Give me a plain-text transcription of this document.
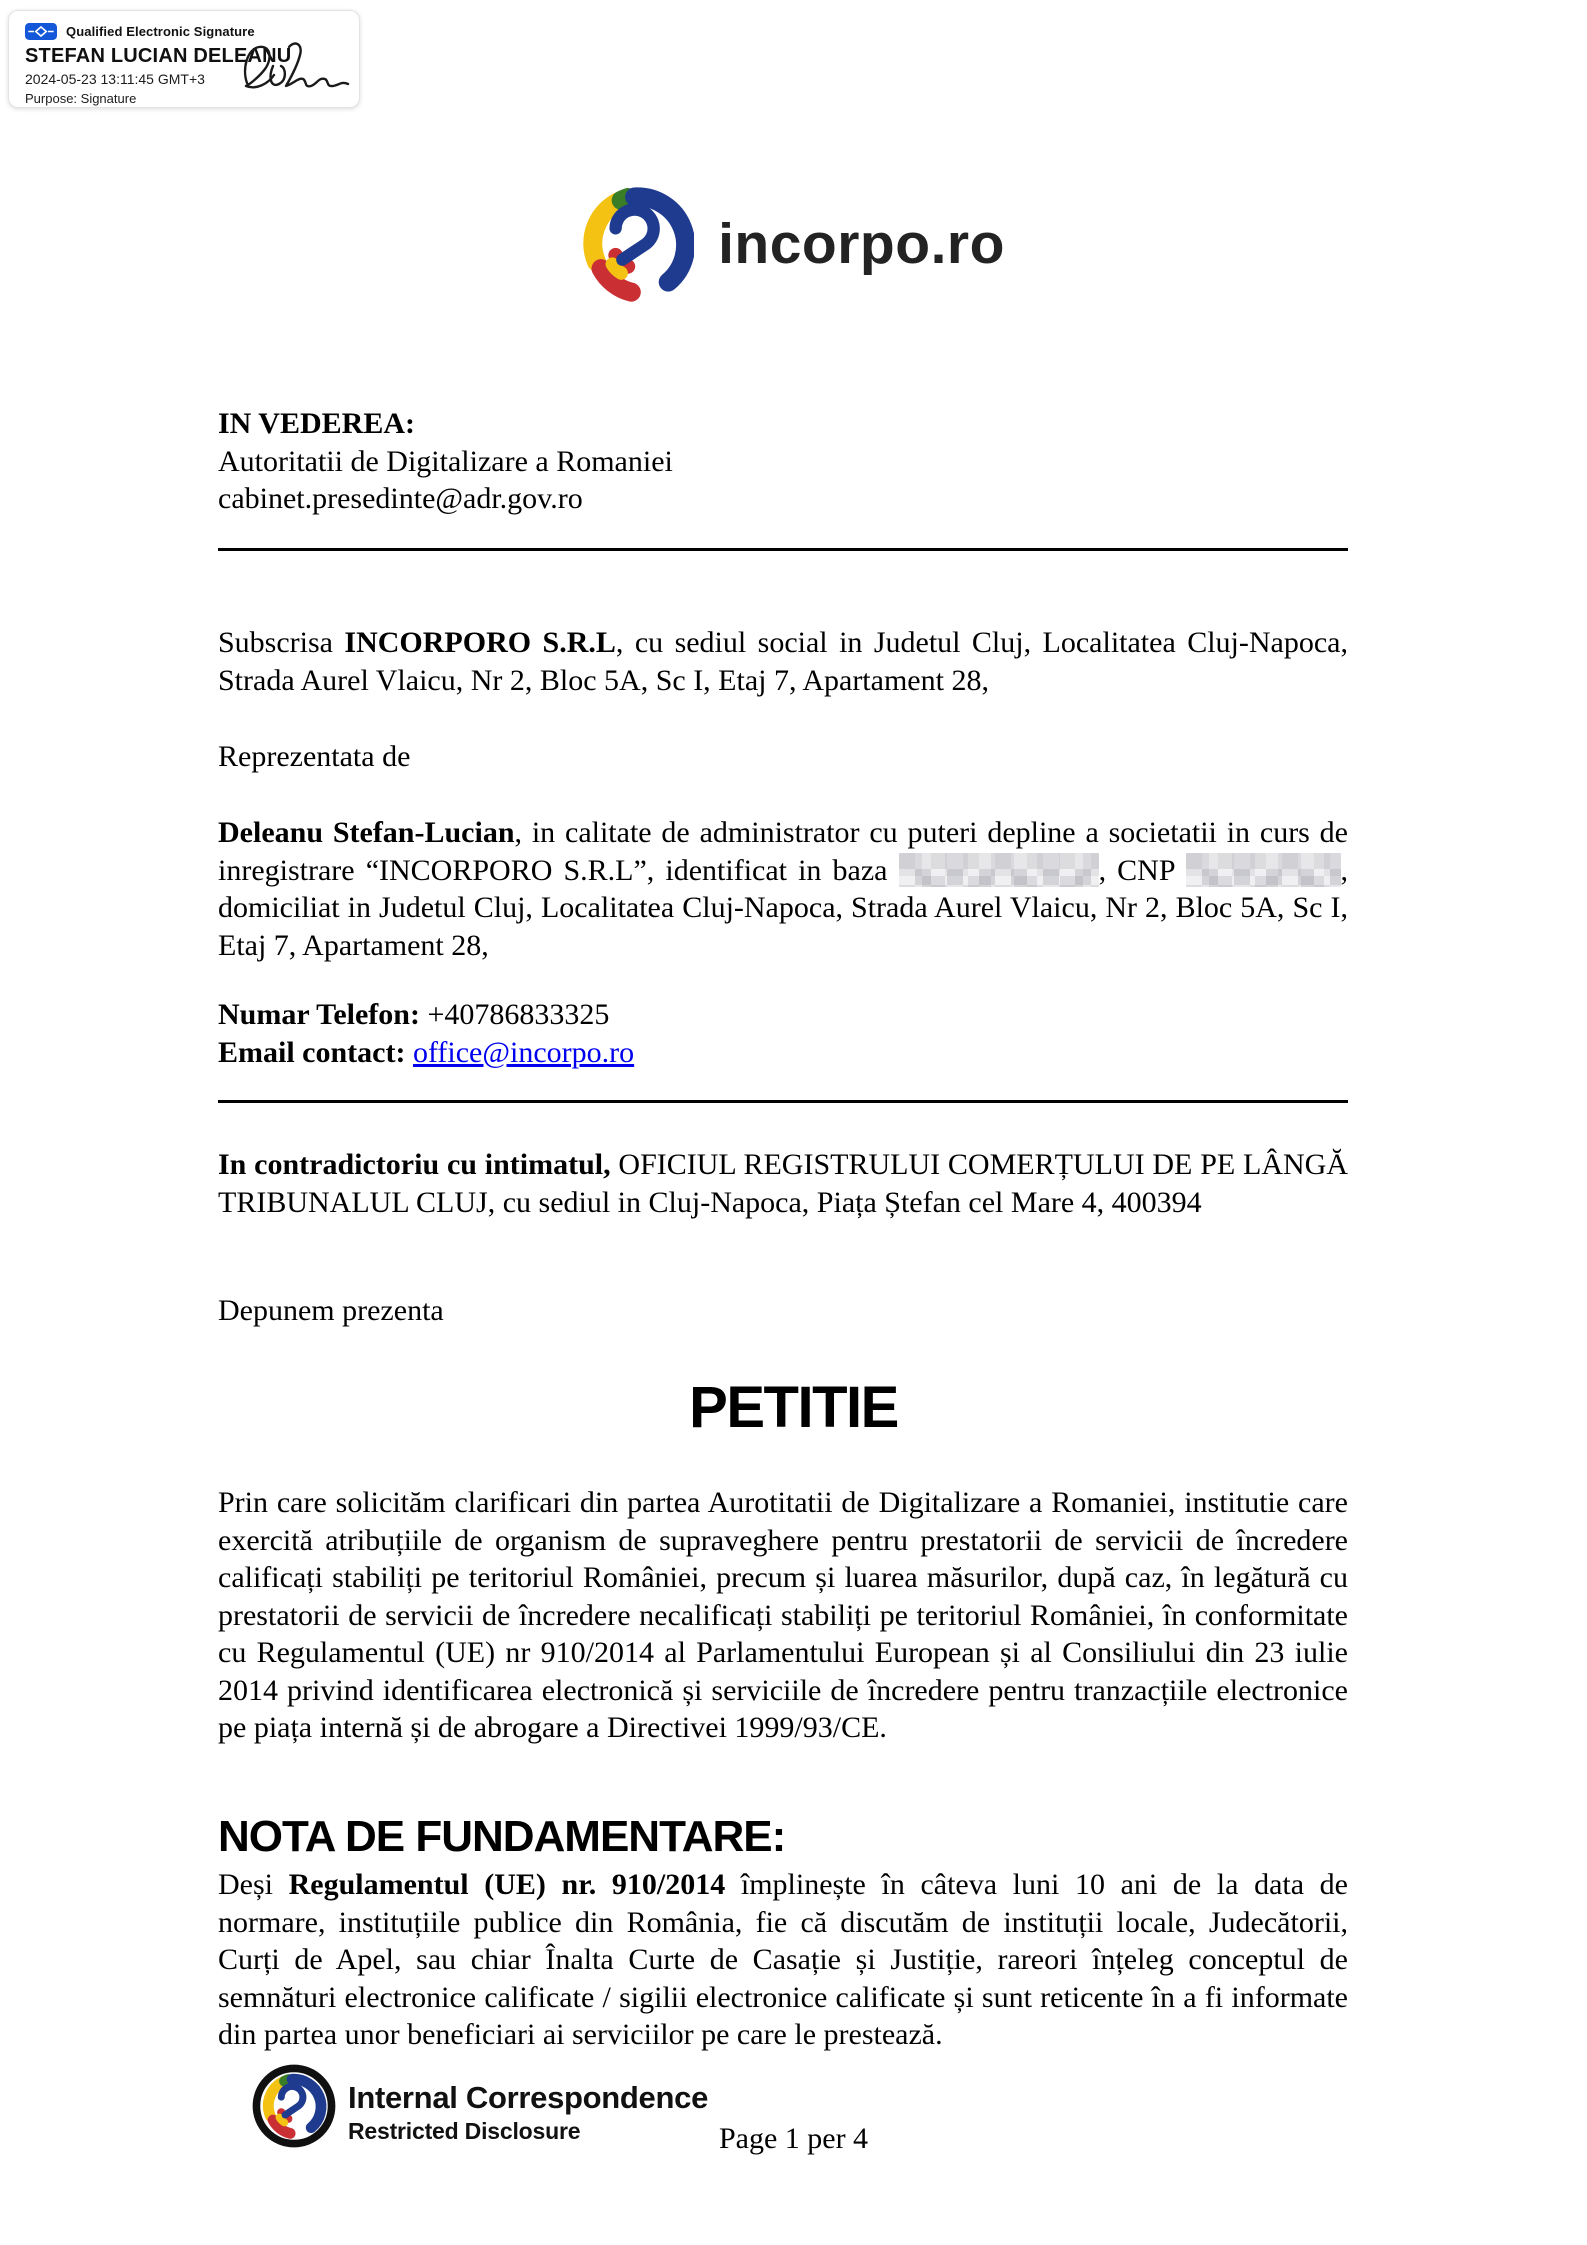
Qualified Electronic Signature
STEFAN LUCIAN DELEANU
2024-05-23 13:11:45 GMT+3
Purpose: Signature
incorpo.ro
IN VEDEREA:
Autoritatii de Digitalizare a Romaniei
cabinet.presedinte@adr.gov.ro

Subscrisa INCORPORO S.R.L, cu sediul social in Judetul Cluj, Localitatea Cluj-Napoca, Strada Aurel Vlaicu, Nr 2, Bloc 5A, Sc I, Etaj 7, Apartament 28,

Reprezentata de

Deleanu Stefan-Lucian, in calitate de administrator cu puteri depline a societatii in curs de inregistrare “INCORPORO S.R.L”, identificat in baza	, CNP	, domiciliat in Judetul Cluj, Localitatea Cluj-Napoca, Strada Aurel Vlaicu, Nr 2, Bloc 5A, Sc I, Etaj 7, Apartament 28,

Numar Telefon: +40786833325
Email contact: office@incorpo.ro

In contradictoriu cu intimatul, OFICIUL REGISTRULUI COMERȚULUI DE PE LÂNGĂ TRIBUNALUL CLUJ, cu sediul in Cluj-Napoca, Piața Ștefan cel Mare 4, 400394

Depunem prezenta
PETITIE

Prin care solicităm clarificari din partea Aurotitatii de Digitalizare a Romaniei, institutie care exercită atribuțiile de organism de supraveghere pentru prestatorii de servicii de încredere calificați stabiliți pe teritoriul României, precum și luarea măsurilor, după caz, în legătură cu prestatorii de servicii de încredere necalificați stabiliți pe teritoriul României, în conformitate cu Regulamentul (UE) nr 910/2014 al Parlamentului European și al Consiliului din 23 iulie 2014 privind identificarea electronică și serviciile de încredere pentru tranzacțiile electronice pe piața internă și de abrogare a Directivei 1999/93/CE.

NOTA DE FUNDAMENTARE:

Deși Regulamentul (UE) nr. 910/2014 împlinește în câteva luni 10 ani de la data de normare, instituțiile publice din România, fie că discutăm de instituții locale, Judecătorii, Curți de Apel, sau chiar Înalta Curte de Casație și Justiție, rareori înțeleg conceptul de semnături electronice calificate / sigilii electronice calificate și sunt reticente în a fi informate din partea unor beneficiari ai serviciilor pe care le prestează.

Internal Correspondence
Restricted Disclosure	Page 1 per 4
